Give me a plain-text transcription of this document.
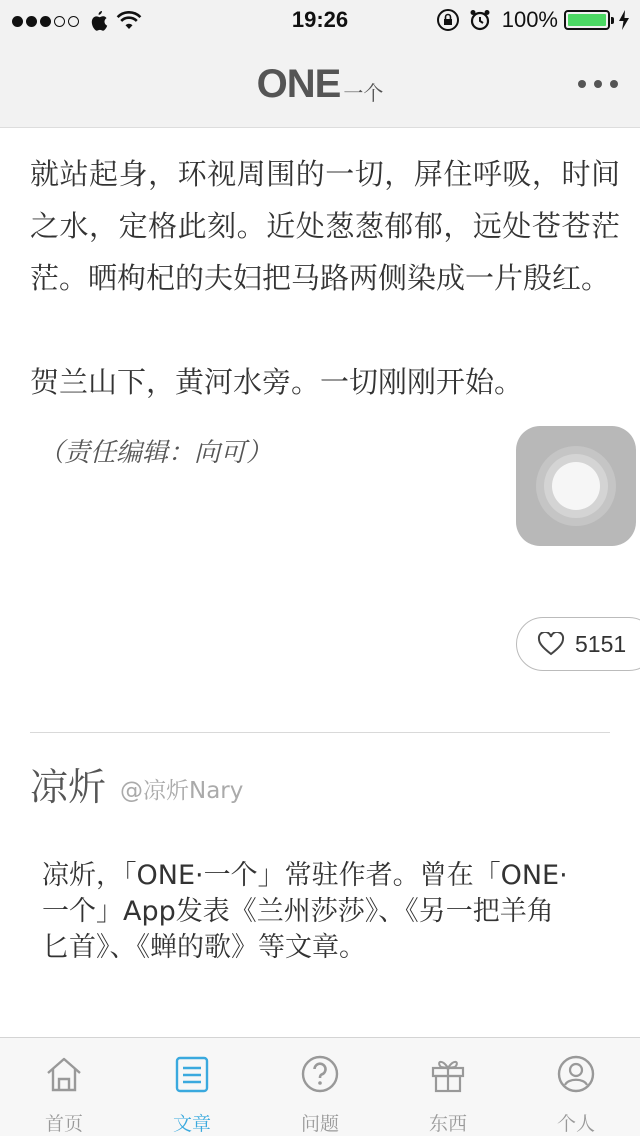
19:26	100%
ONE 一个

就站起身，环视周围的一切，屏住呼吸，时间之水，定格此刻。近处葱葱郁郁，远处苍苍茫茫。晒枸杞的夫妇把马路两侧染成一片殷红。

贺兰山下，黄河水旁。一切刚刚开始。

（责任编辑：向可）

5151
凉炘 @凉炘Nary
凉炘，「ONE·一个」常驻作者。曾在「ONE·一个」App发表《兰州莎莎》、《另一把羊角匕首》、《蝉的歌》等文章。
首页	文章	问题	东西	个人
